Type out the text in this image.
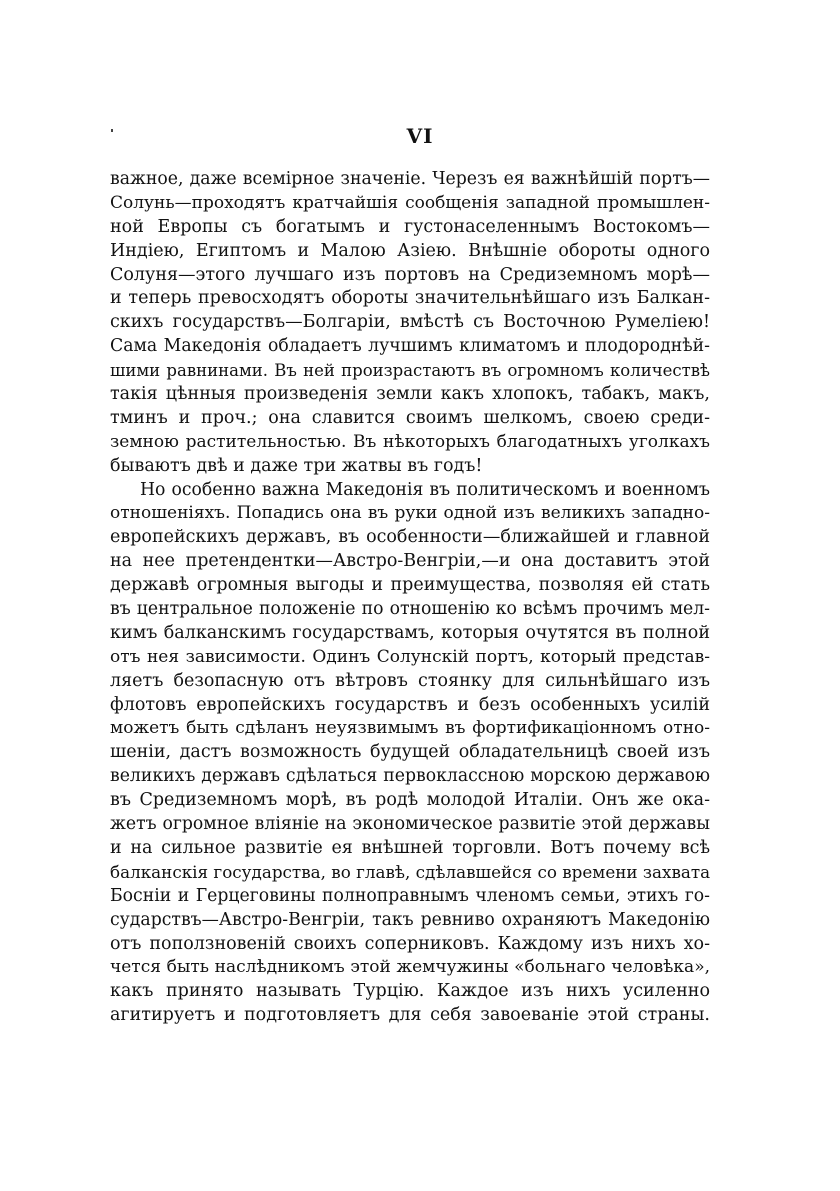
VI
важное, даже всемірное значеніе. Черезъ ея важнѣйшій портъ—
Солунь—проходятъ кратчайшія сообщенія западной промышлен-
ной Европы съ богатымъ и густонаселеннымъ Востокомъ—
Индіею, Египтомъ и Малою Азіею. Внѣшніе обороты одного
Солуня—этого лучшаго изъ портовъ на Средиземномъ морѣ—
и теперь превосходятъ обороты значительнѣйшаго изъ Балкан-
скихъ государствъ—Болгаріи, вмѣстѣ съ Восточною Румеліею!
Сама Македонія обладаетъ лучшимъ климатомъ и плодороднѣй-
шими равнинами. Въ ней произрастаютъ въ огромномъ количествѣ
такія цѣнныя произведенія земли какъ хлопокъ, табакъ, макъ,
тминъ и проч.; она славится своимъ шелкомъ, своею среди-
земною растительностью. Въ нѣкоторыхъ благодатныхъ уголкахъ
бываютъ двѣ и даже три жатвы въ годъ!
Но особенно важна Македонія въ политическомъ и военномъ
отношеніяхъ. Попадись она въ руки одной изъ великихъ западно-
европейскихъ державъ, въ особенности—ближайшей и главной
на нее претендентки—Австро-Венгріи,—и она доставитъ этой
державѣ огромныя выгоды и преимущества, позволяя ей стать
въ центральное положеніе по отношенію ко всѣмъ прочимъ мел-
кимъ балканскимъ государствамъ, которыя очутятся въ полной
отъ нея зависимости. Одинъ Солунскій портъ, который представ-
ляетъ безопасную отъ вѣтровъ стоянку для сильнѣйшаго изъ
флотовъ европейскихъ государствъ и безъ особенныхъ усилій
можетъ быть сдѣланъ неуязвимымъ въ фортификаціонномъ отно-
шеніи, дастъ возможность будущей обладательницѣ своей изъ
великихъ державъ сдѣлаться первоклассною морскою державою
въ Средиземномъ морѣ, въ родѣ молодой Италіи. Онъ же ока-
жетъ огромное вліяніе на экономическое развитіе этой державы
и на сильное развитіе ея внѣшней торговли. Вотъ почему всѣ
балканскія государства, во главѣ, сдѣлавшейся со времени захвата
Босніи и Герцеговины полноправнымъ членомъ семьи, этихъ го-
сударствъ—Австро-Венгріи, такъ ревниво охраняютъ Македонію
отъ поползновеній своихъ соперниковъ. Каждому изъ нихъ хо-
чется быть наслѣдникомъ этой жемчужины «больнаго человѣка»,
какъ принято называть Турцію. Каждое изъ нихъ усиленно
агитируетъ и подготовляетъ для себя завоеваніе этой страны.
